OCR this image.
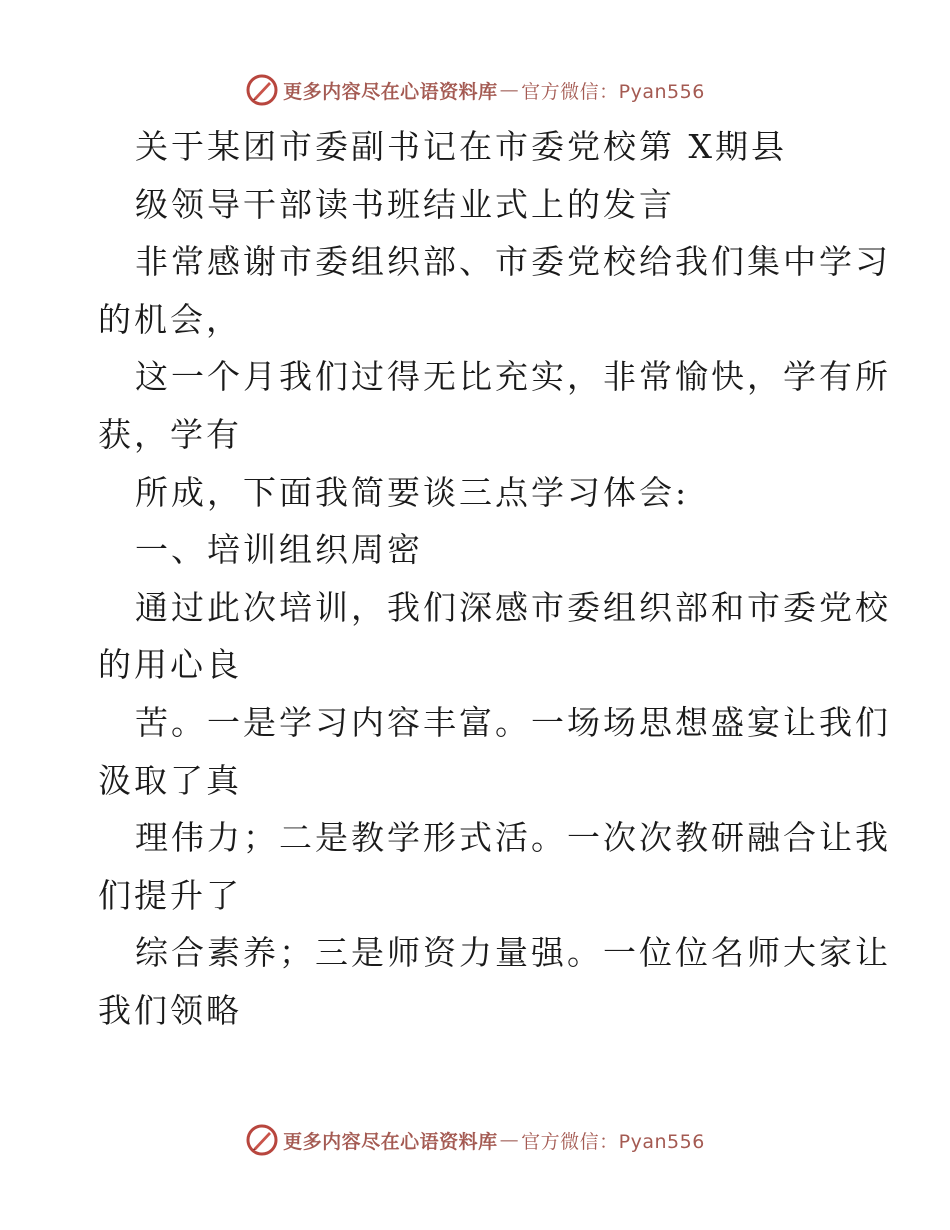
更多内容尽在心语资料库 — 官方微信：Pyan556
关于某团市委副书记在市委党校第 X期县
级领导干部读书班结业式上的发言
非常感谢市委组织部、市委党校给我们集中学习
的机会，
这一个月我们过得无比充实，非常愉快，学有所
获，学有
所成，下面我简要谈三点学习体会:
一、培训组织周密
通过此次培训，我们深感市委组织部和市委党校
的用心良
苦。一是学习内容丰富。一场场思想盛宴让我们
汲取了真
理伟力；二是教学形式活。一次次教研融合让我
们提升了
综合素养；三是师资力量强。一位位名师大家让
我们领略
更多内容尽在心语资料库 — 官方微信：Pyan556
